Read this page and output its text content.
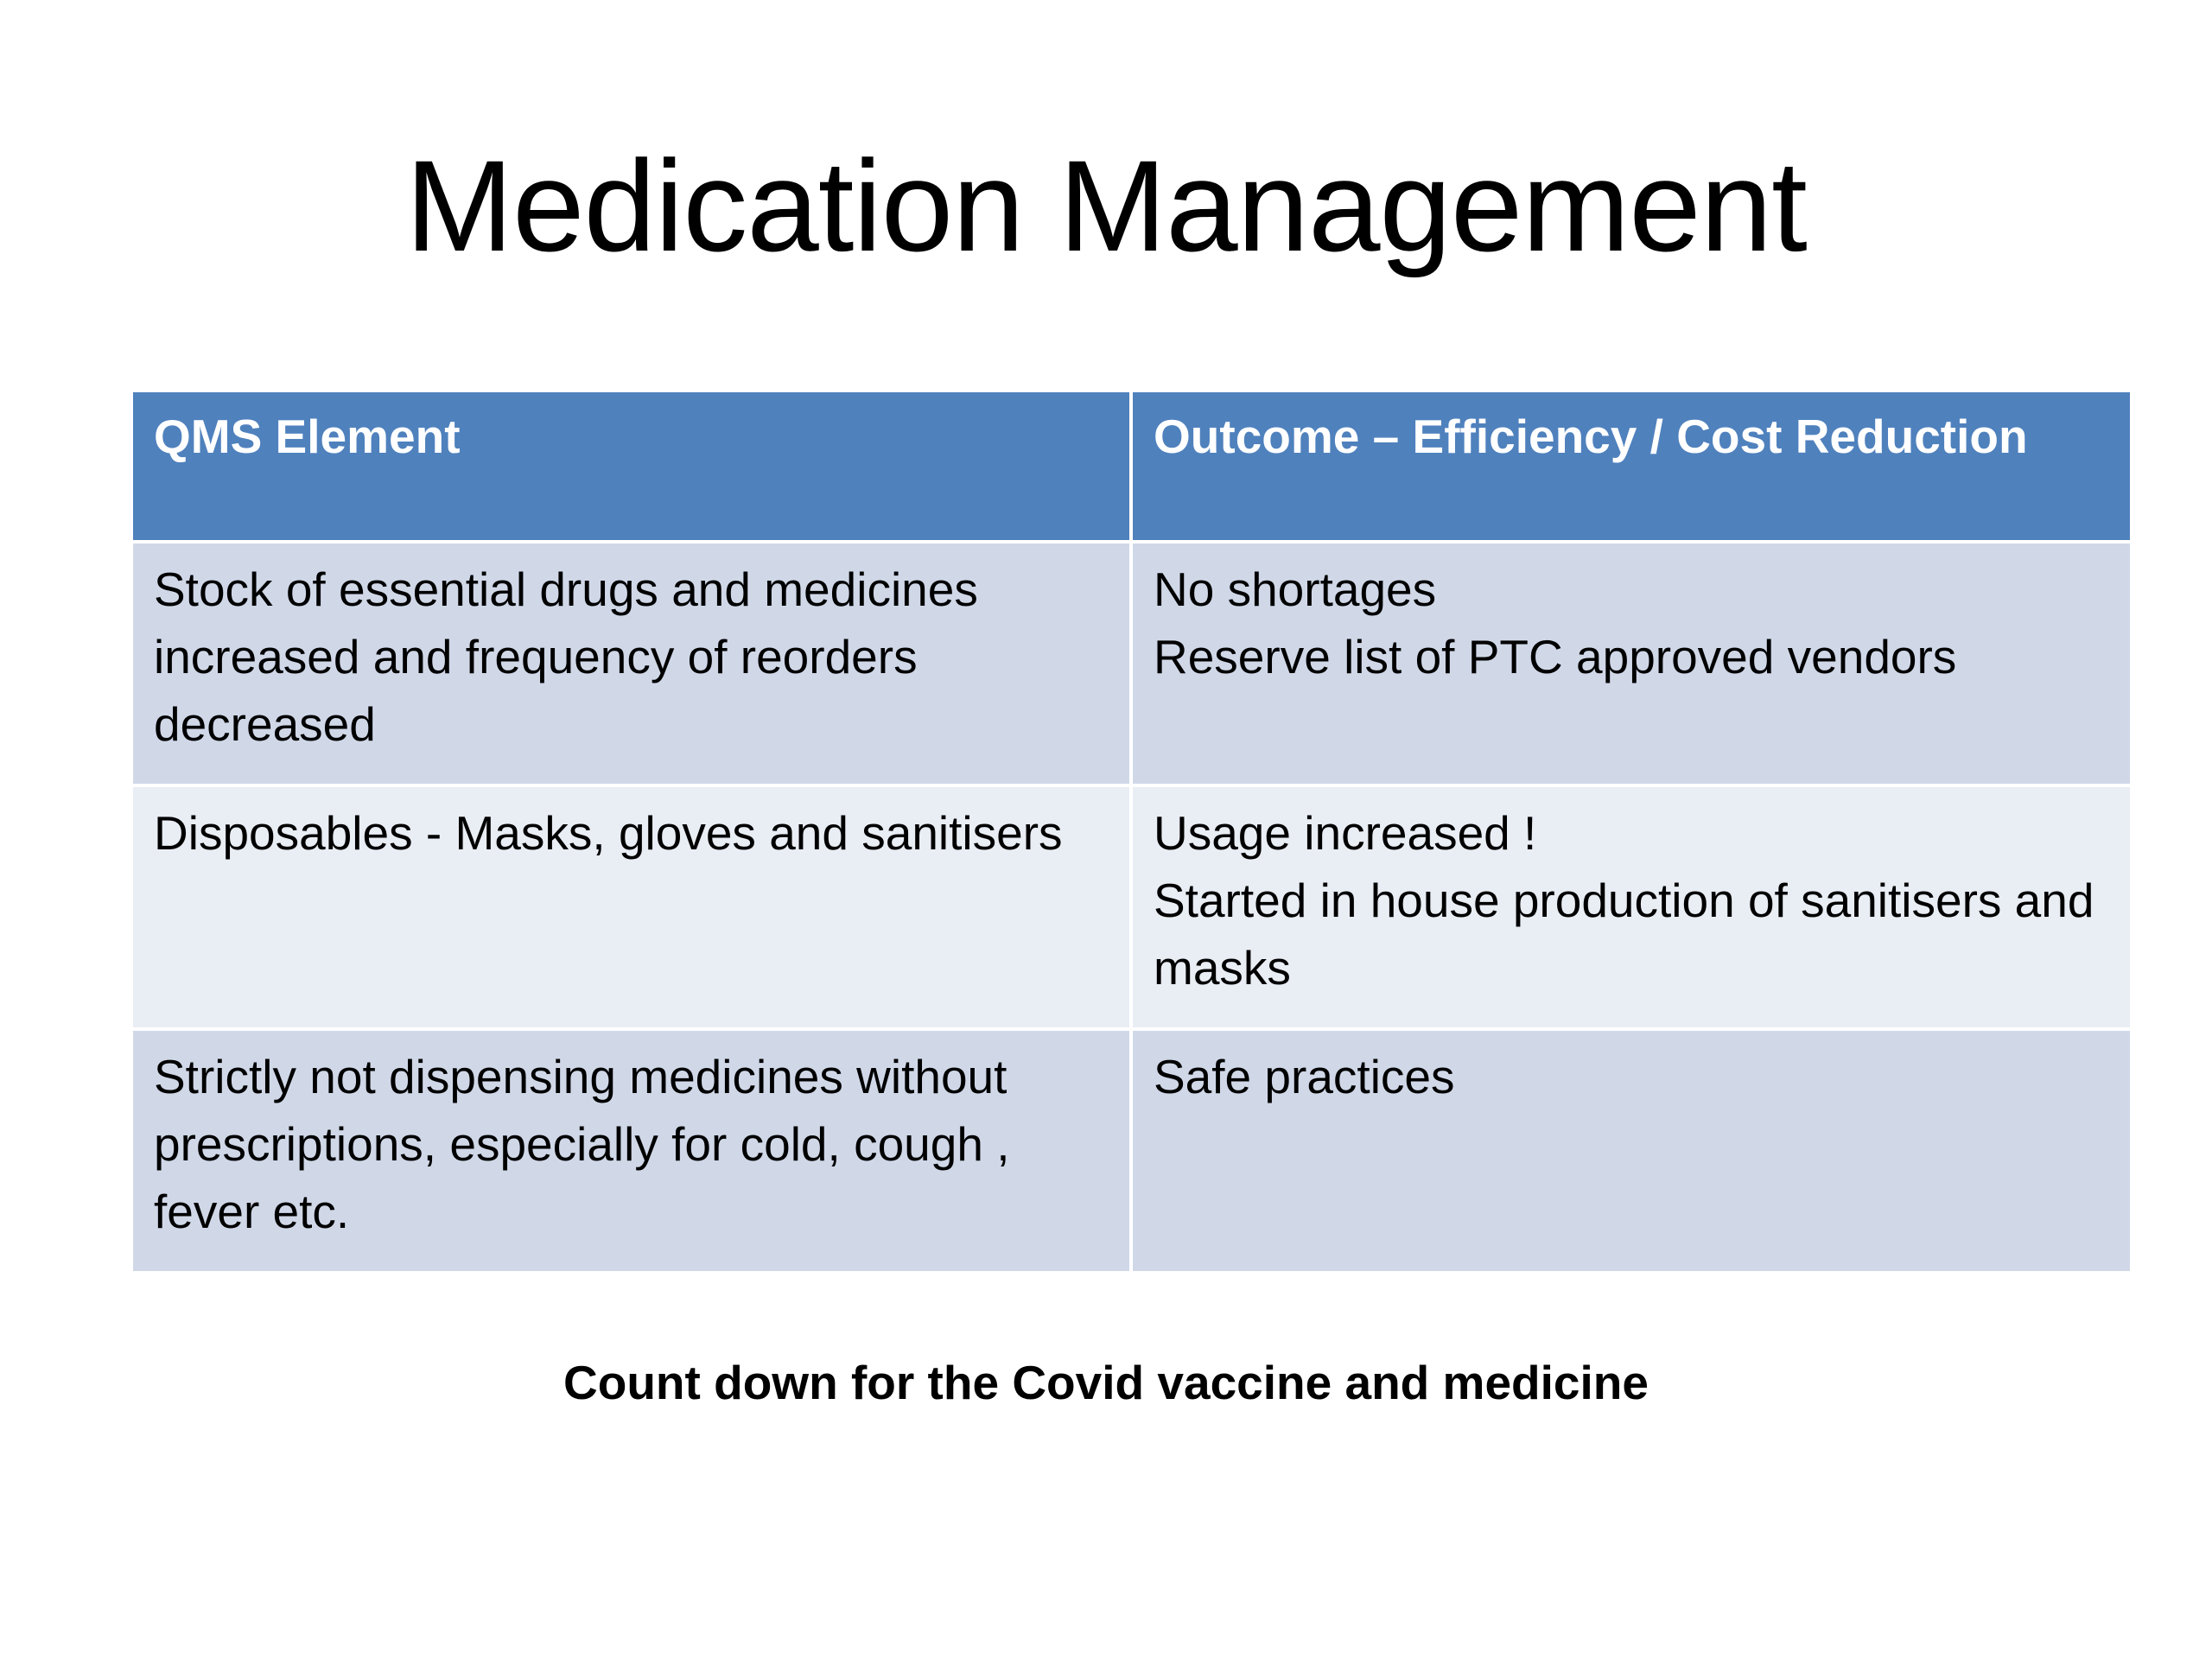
Medication Management
QMS Element	Outcome – Efficiency / Cost Reduction
Stock of essential drugs and medicines increased and frequency of reorders decreased	No shortages
Reserve list of PTC approved vendors

Disposables - Masks, gloves and sanitisers	Usage increased !
Started in house production of sanitisers and masks

Strictly not dispensing medicines without prescriptions, especially for cold, cough , fever etc.	Safe practices
Count down for the Covid vaccine and medicine
